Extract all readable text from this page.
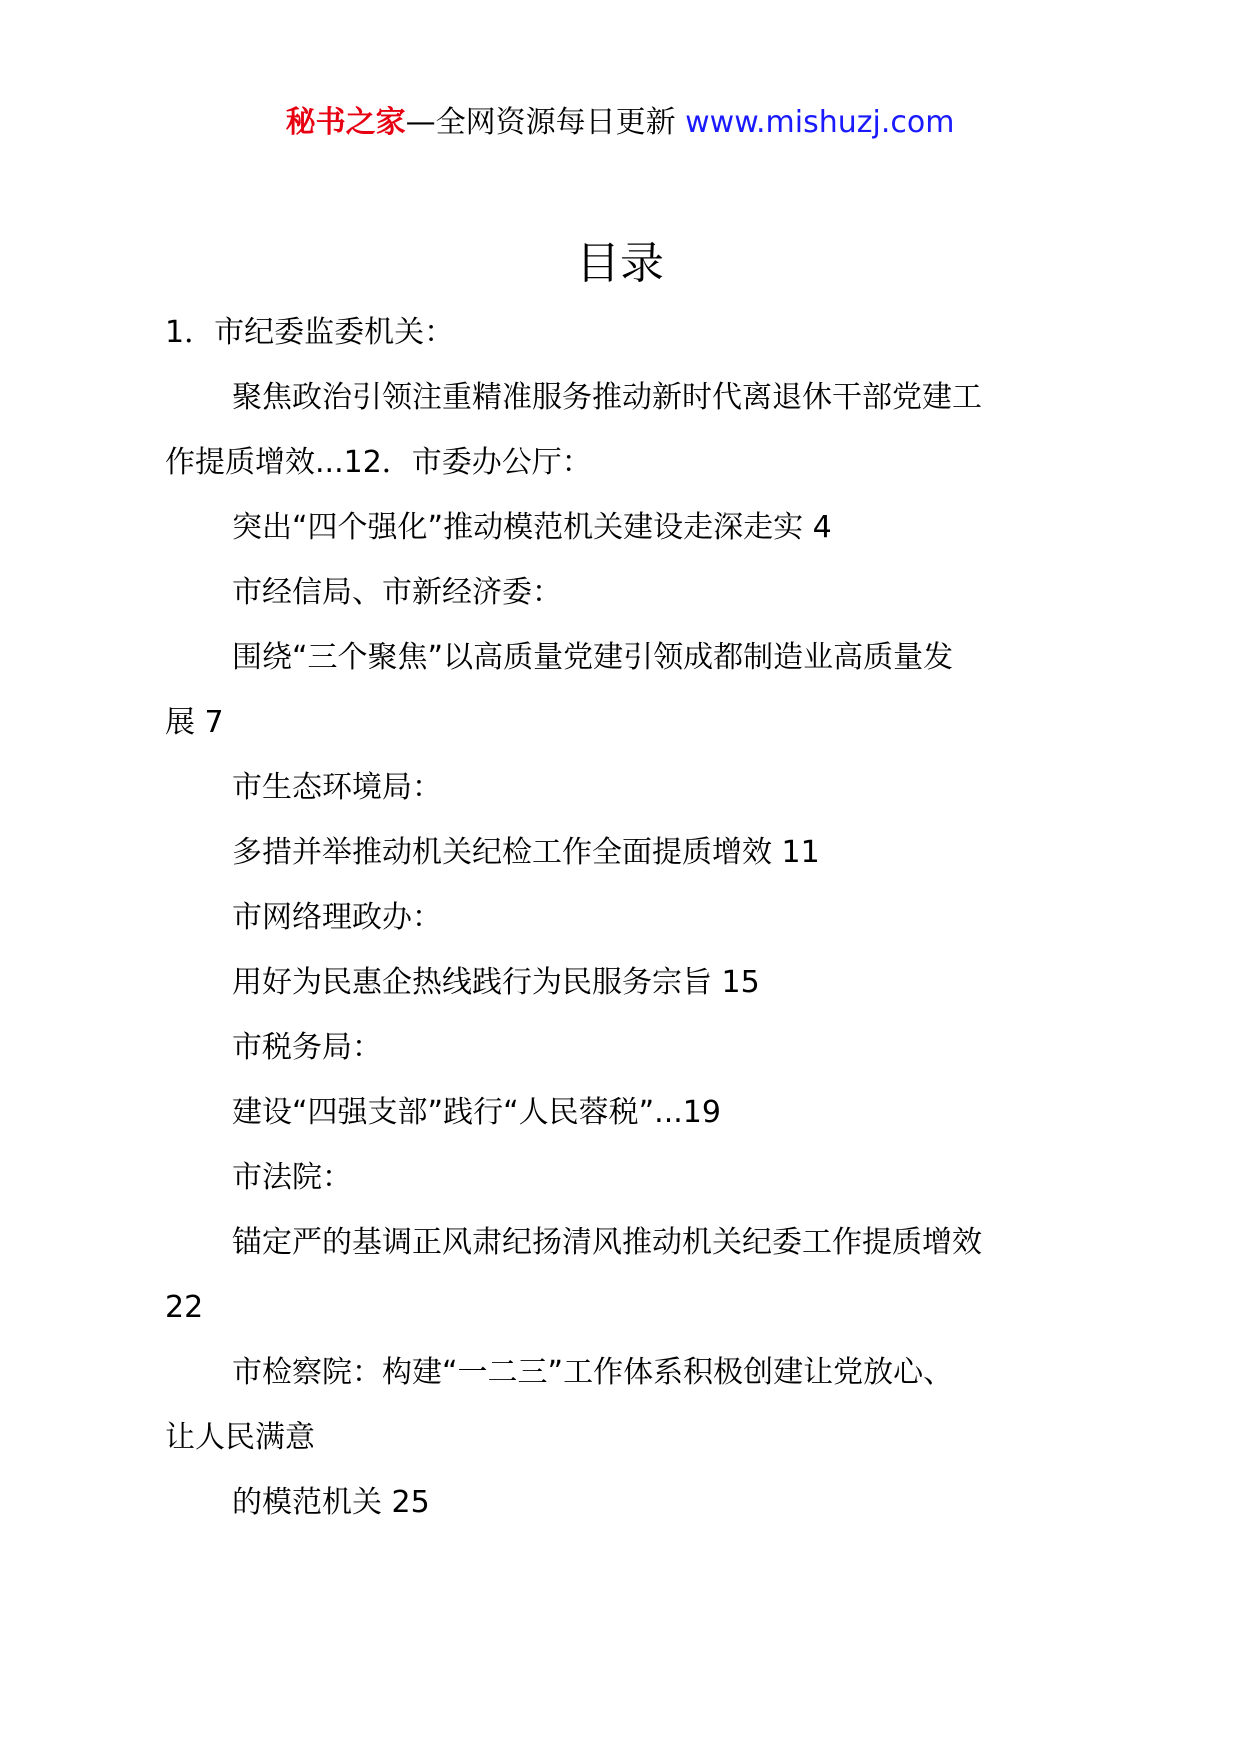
秘书之家—全网资源每日更新 www.mishuzj.com
目录
1．市纪委监委机关：
聚焦政治引领注重精准服务推动新时代离退休干部党建工
作提质增效...12．市委办公厅：
突出“四个强化”推动模范机关建设走深走实 4
市经信局、市新经济委：
围绕“三个聚焦”以高质量党建引领成都制造业高质量发
展 7
市生态环境局：
多措并举推动机关纪检工作全面提质增效 11
市网络理政办：
用好为民惠企热线践行为民服务宗旨 15
市税务局：
建设“四强支部”践行“人民蓉税”...19
市法院：
锚定严的基调正风肃纪扬清风推动机关纪委工作提质增效
22
市检察院：构建“一二三”工作体系积极创建让党放心、
让人民满意
的模范机关 25
